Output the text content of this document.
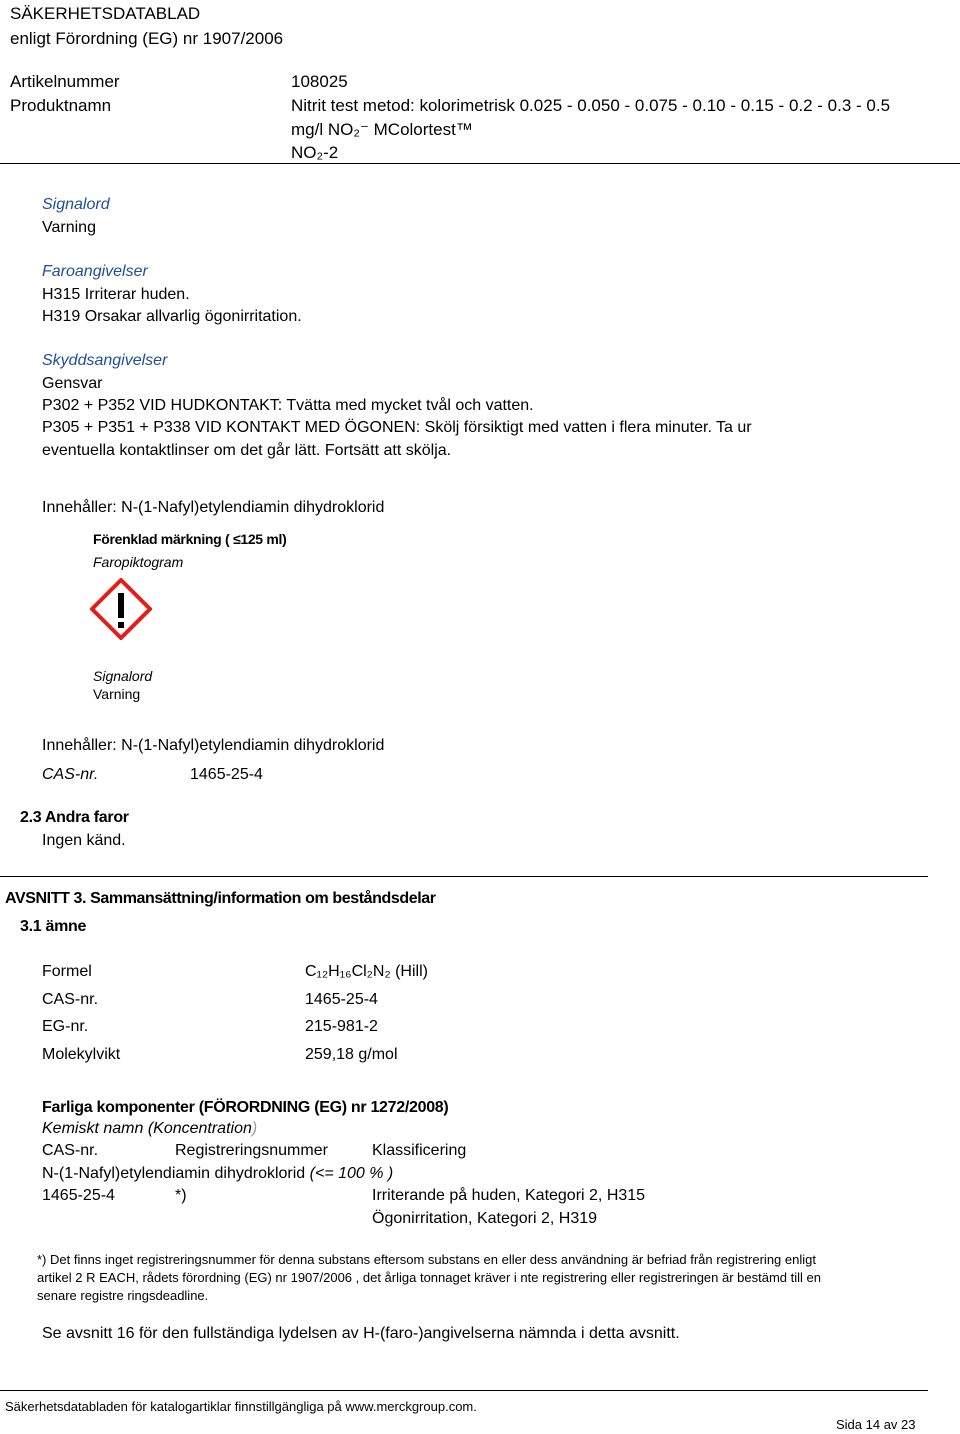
SÄKERHETSDATABLAD
enligt Förordning (EG) nr 1907/2006
Artikelnummer	108025
Produktnamn	Nitrit test metod: kolorimetrisk 0.025 - 0.050 - 0.075 - 0.10 - 0.15 - 0.2 - 0.3 - 0.5
mg/l NO₂⁻ MColortest™
NO₂-2
Signalord
Varning
Faroangivelser
H315 Irriterar huden.
H319 Orsakar allvarlig ögonirritation.
Skyddsangivelser
Gensvar
P302 + P352 VID HUDKONTAKT: Tvätta med mycket tvål och vatten.
P305 + P351 + P338 VID KONTAKT MED ÖGONEN: Skölj försiktigt med vatten i flera minuter. Ta ur
eventuella kontaktlinser om det går lätt. Fortsätt att skölja.
Innehåller: N-(1-Nafyl)etylendiamin dihydroklorid
Förenklad märkning ( ≤125 ml)
Faropiktogram
Signalord
Varning
Innehåller: N-(1-Nafyl)etylendiamin dihydroklorid
CAS-nr.	1465-25-4
2.3 Andra faror
Ingen känd.
AVSNITT 3. Sammansättning/information om beståndsdelar
3.1 ämne
Formel	C₁₂H₁₆Cl₂N₂ (Hill)
CAS-nr.	1465-25-4
EG-nr.	215-981-2
Molekylvikt	259,18 g/mol
Farliga komponenter (FÖRORDNING (EG) nr 1272/2008)
Kemiskt namn (Koncentration)
CAS-nr.	Registreringsnummer	Klassificering
N-(1-Nafyl)etylendiamin dihydroklorid (<= 100 % )
1465-25-4	*)	Irriterande på huden, Kategori 2, H315
Ögonirritation, Kategori 2, H319
*) Det finns inget registreringsnummer för denna substans eftersom substans en eller dess användning är befriad från registrering enligt
artikel 2 R EACH, rådets förordning (EG) nr 1907/2006 , det årliga tonnaget kräver i nte registrering eller registreringen är bestämd till en
senare registre ringsdeadline.
Se avsnitt 16 för den fullständiga lydelsen av H-(faro-)angivelserna nämnda i detta avsnitt.
Säkerhetsdatabladen för katalogartiklar finnstillgängliga på www.merckgroup.com.
Sida 14 av 23
